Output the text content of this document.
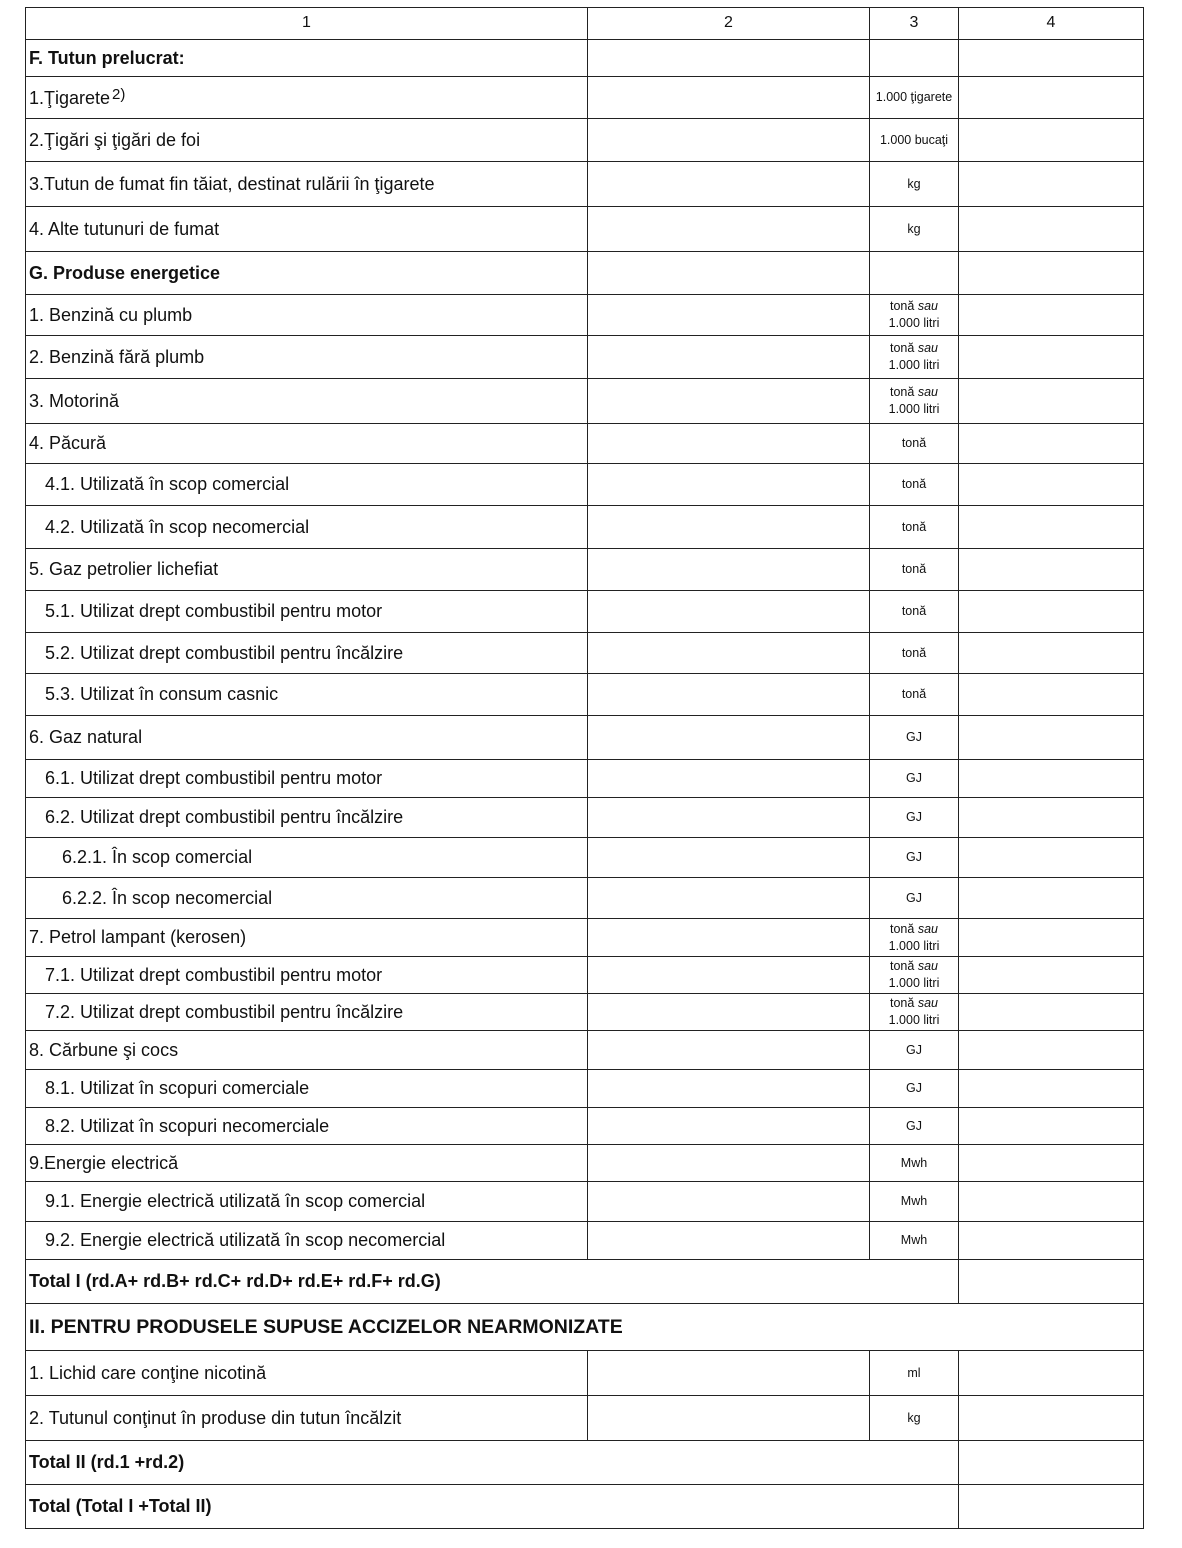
1	2	3	4
F. Tutun prelucrat:			
1.Ţigarete $^{2)}$		1.000 ţigarete	
2.Ţigări şi ţigări de foi		1.000 bucaţi	
3.Tutun de fumat fin tăiat, destinat rulării în ţigarete		kg	
4. Alte tutunuri de fumat		kg	
G. Produse energetice			
1. Benzină cu plumb		tonă sau
1.000 litri	
2. Benzină fără plumb		tonă sau
1.000 litri	
3. Motorină		tonă sau
1.000 litri	
4. Păcură		tonă	
4.1. Utilizată în scop comercial		tonă	
4.2. Utilizată în scop necomercial		tonă	
5. Gaz petrolier lichefiat		tonă	
5.1. Utilizat drept combustibil pentru motor		tonă	
5.2. Utilizat drept combustibil pentru încălzire		tonă	
5.3. Utilizat în consum casnic		tonă	
6. Gaz natural		GJ	
6.1. Utilizat drept combustibil pentru motor		GJ	
6.2. Utilizat drept combustibil pentru încălzire		GJ	
6.2.1. În scop comercial		GJ	
6.2.2. În scop necomercial		GJ	
7. Petrol lampant (kerosen)		tonă sau
1.000 litri	
7.1. Utilizat drept combustibil pentru motor		tonă sau
1.000 litri	
7.2. Utilizat drept combustibil pentru încălzire		tonă sau
1.000 litri	
8. Cărbune şi cocs		GJ	
8.1. Utilizat în scopuri comerciale		GJ	
8.2. Utilizat în scopuri necomerciale		GJ	
9.Energie electrică		Mwh	
9.1. Energie electrică utilizată în scop comercial		Mwh	
9.2. Energie electrică utilizată în scop necomercial		Mwh	
Total I (rd.A+ rd.B+ rd.C+ rd.D+ rd.E+ rd.F+ rd.G)			
II. PENTRU PRODUSELE SUPUSE ACCIZELOR NEARMONIZATE			
1. Lichid care conţine nicotină		ml	
2. Tutunul conţinut în produse din tutun încălzit		kg	
Total II (rd.1 +rd.2)			
Total (Total I +Total II)			
